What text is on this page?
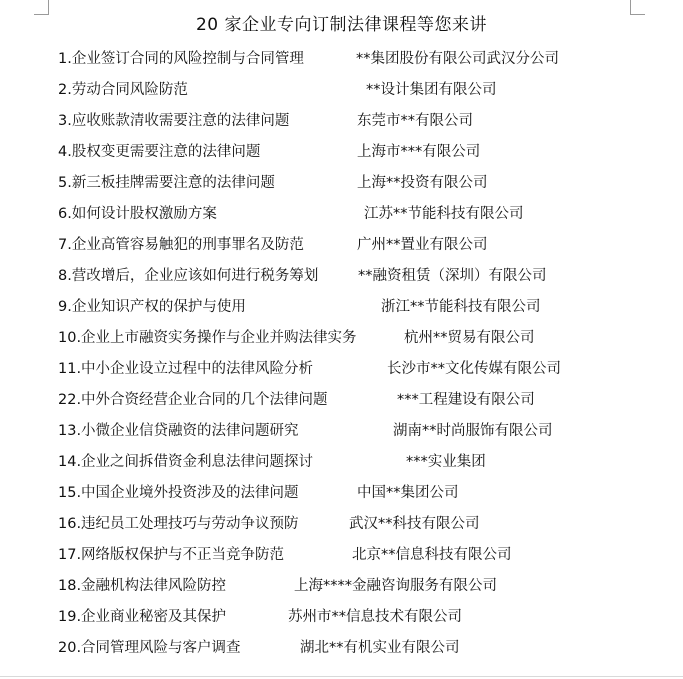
20 家企业专向订制法律课程等您来讲
1.企业签订合同的风险控制与合同管理	**集团股份有限公司武汉分公司
2.劳动合同风险防范	**设计集团有限公司
3.应收账款清收需要注意的法律问题	东莞市**有限公司
4.股权变更需要注意的法律问题	上海市***有限公司
5.新三板挂牌需要注意的法律问题	上海**投资有限公司
6.如何设计股权激励方案	江苏**节能科技有限公司
7.企业高管容易触犯的刑事罪名及防范	广州**置业有限公司
8.营改增后，企业应该如何进行税务筹划	**融资租赁（深圳）有限公司
9.企业知识产权的保护与使用	浙江**节能科技有限公司
10.企业上市融资实务操作与企业并购法律实务	杭州**贸易有限公司
11.中小企业设立过程中的法律风险分析	长沙市**文化传媒有限公司
22.中外合资经营企业合同的几个法律问题	***工程建设有限公司
13.小微企业信贷融资的法律问题研究	湖南**时尚服饰有限公司
14.企业之间拆借资金利息法律问题探讨	***实业集团
15.中国企业境外投资涉及的法律问题	中国**集团公司
16.违纪员工处理技巧与劳动争议预防	武汉**科技有限公司
17.网络版权保护与不正当竞争防范	北京**信息科技有限公司
18.金融机构法律风险防控	上海****金融咨询服务有限公司
19.企业商业秘密及其保护	苏州市**信息技术有限公司
20.合同管理风险与客户调查	湖北**有机实业有限公司
